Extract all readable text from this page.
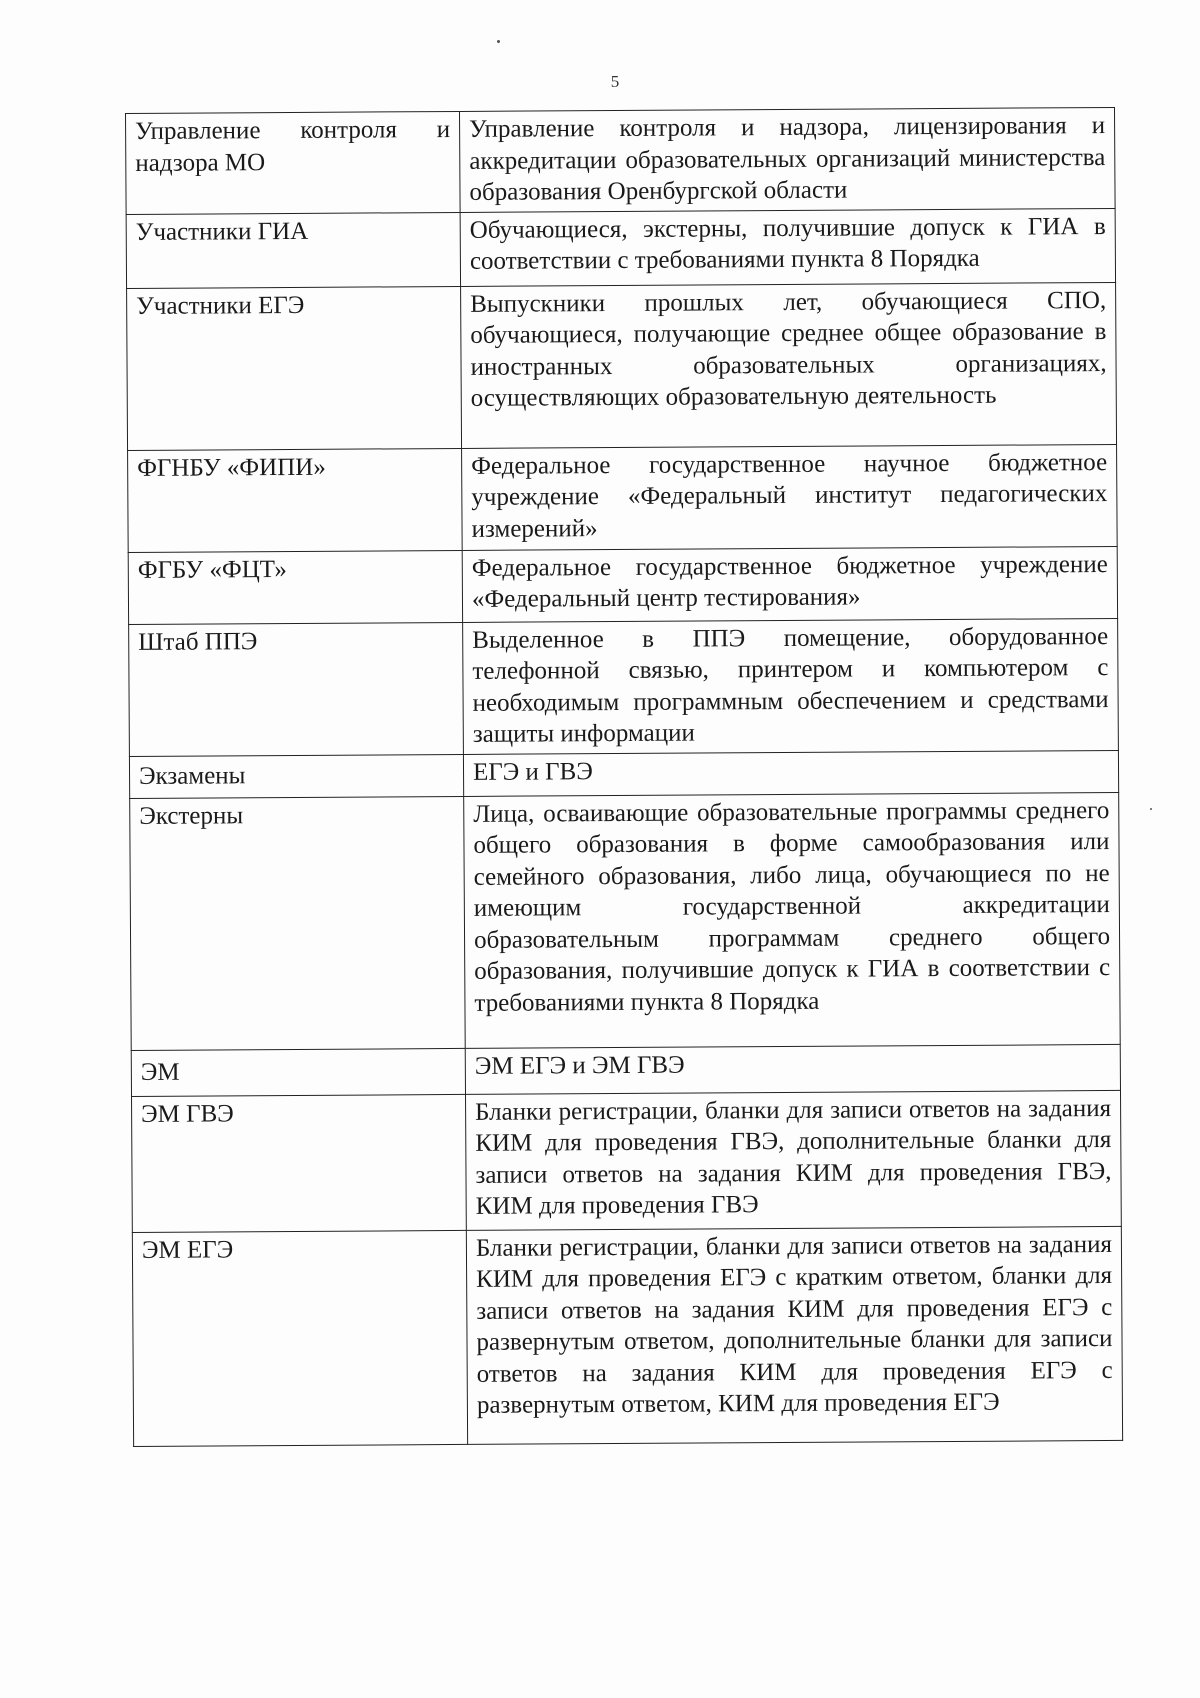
5
Управление контроля и надзора МО	Управление контроля и надзора, лицензирования и аккредитации образовательных организаций министерства образования Оренбургской области
Участники ГИА	Обучающиеся, экстерны, получившие допуск к ГИА в соответствии с требованиями пункта 8 Порядка
Участники ЕГЭ	Выпускники прошлых лет, обучающиеся СПО, обучающиеся, получающие среднее общее образование в иностранных образовательных организациях, осуществляющих образовательную деятельность
ФГНБУ «ФИПИ»	Федеральное государственное научное бюджетное учреждение «Федеральный институт педагогических измерений»
ФГБУ «ФЦТ»	Федеральное государственное бюджетное учреждение «Федеральный центр тестирования»
Штаб ППЭ	Выделенное в ППЭ помещение, оборудованное телефонной связью, принтером и компьютером с необходимым программным обеспечением и средствами защиты информации
Экзамены	ЕГЭ и ГВЭ
Экстерны	Лица, осваивающие образовательные программы среднего общего образования в форме самообразования или семейного образования, либо лица, обучающиеся по не имеющим государственной аккредитации образовательным программам среднего общего образования, получившие допуск к ГИА в соответствии с требованиями пункта 8 Порядка
ЭМ	ЭМ ЕГЭ и ЭМ ГВЭ
ЭМ ГВЭ	Бланки регистрации, бланки для записи ответов на задания КИМ для проведения ГВЭ, дополнительные бланки для записи ответов на задания КИМ для проведения ГВЭ, КИМ для проведения ГВЭ
ЭМ ЕГЭ	Бланки регистрации, бланки для записи ответов на задания КИМ для проведения ЕГЭ с кратким ответом, бланки для записи ответов на задания КИМ для проведения ЕГЭ с развернутым ответом, дополнительные бланки для записи ответов на задания КИМ для проведения ЕГЭ с развернутым ответом, КИМ для проведения ЕГЭ
